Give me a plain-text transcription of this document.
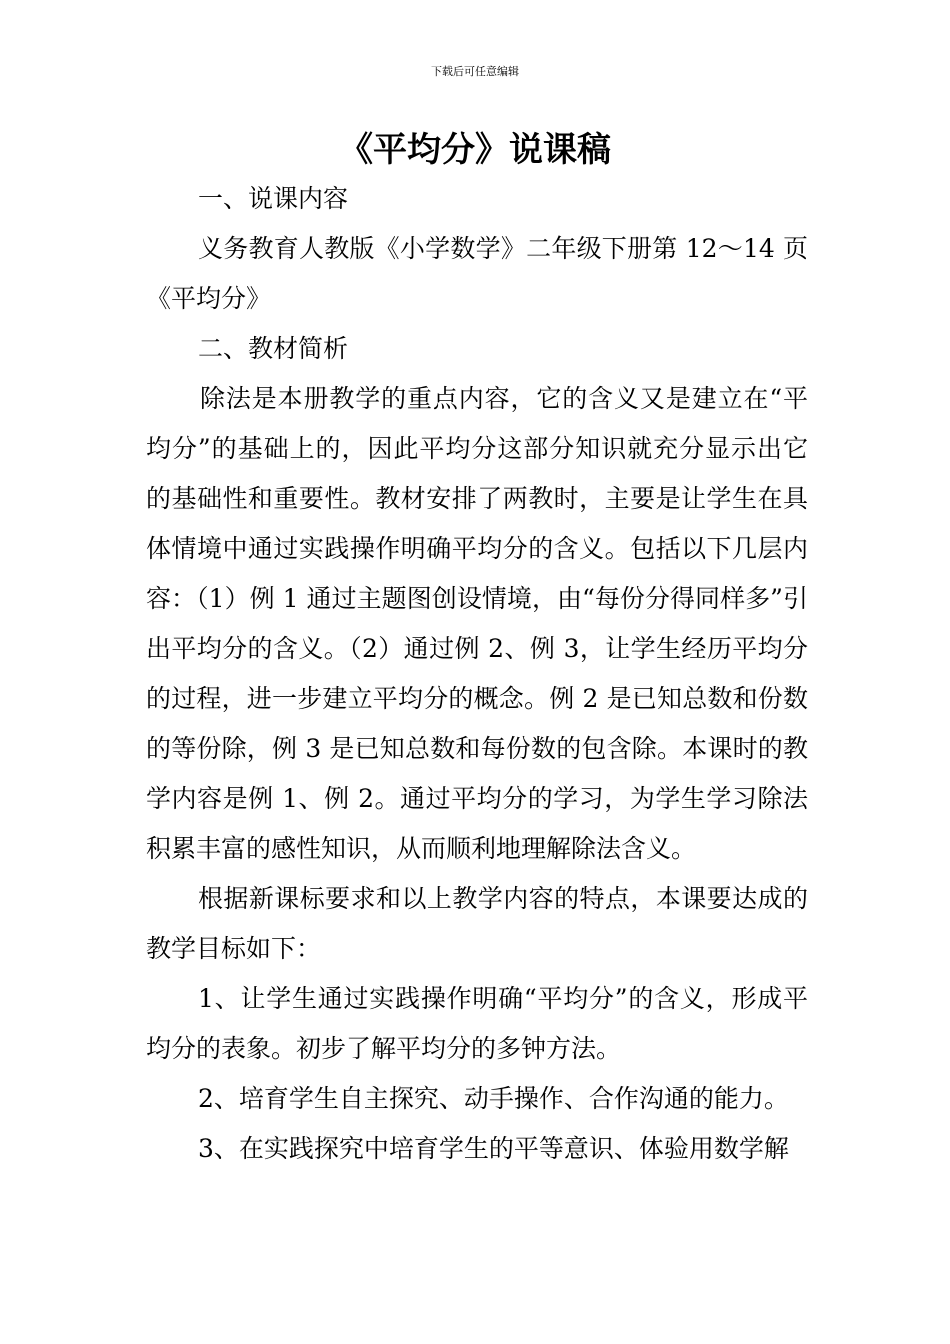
下载后可任意编辑
《平均分》说课稿

一、说课内容

义务教育人教版《小学数学》二年级下册第 12～14 页《平均分》

二、教材简析

除法是本册教学的重点内容，它的含义又是建立在“平均分”的基础上的，因此平均分这部分知识就充分显示出它的基础性和重要性。教材安排了两教时，主要是让学生在具体情境中通过实践操作明确平均分的含义。包括以下几层内容：（1）例 1 通过主题图创设情境，由“每份分得同样多”引出平均分的含义。（2）通过例 2、例 3，让学生经历平均分的过程，进一步建立平均分的概念。例 2 是已知总数和份数的等份除，例 3 是已知总数和每份数的包含除。本课时的教学内容是例 1、例 2。通过平均分的学习，为学生学习除法积累丰富的感性知识，从而顺利地理解除法含义。

根据新课标要求和以上教学内容的特点，本课要达成的教学目标如下：

1、让学生通过实践操作明确“平均分”的含义，形成平均分的表象。初步了解平均分的多钟方法。

2、培育学生自主探究、动手操作、合作沟通的能力。

3、在实践探究中培育学生的平等意识、体验用数学解
